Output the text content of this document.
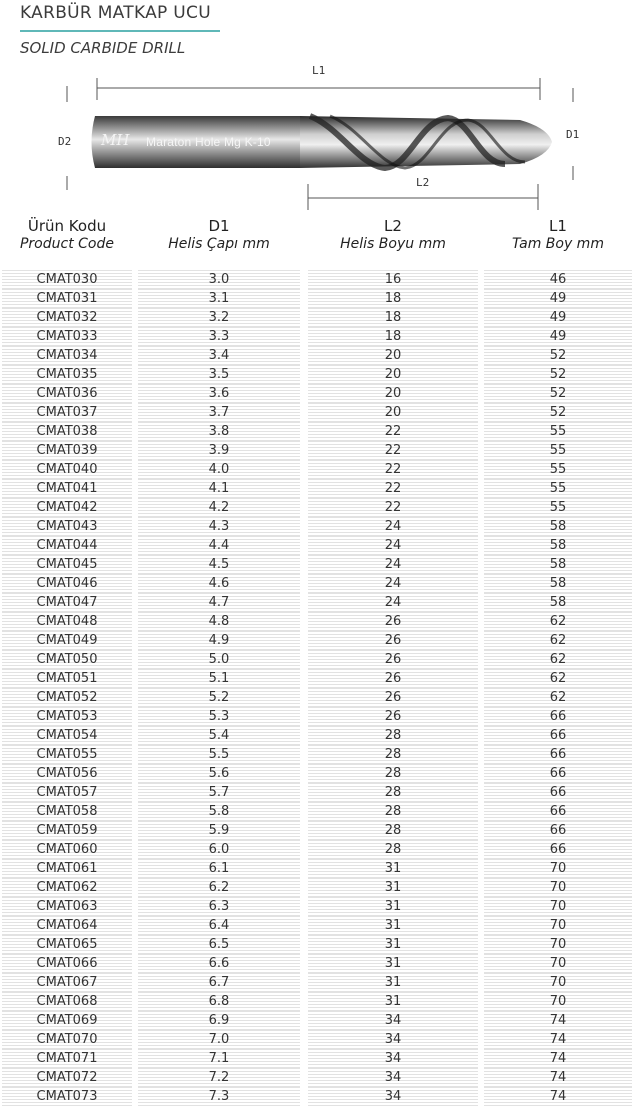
KARBÜR MATKAP UCU
SOLID CARBIDE DRILL
L1
L2
D2
D1
MH Maraton Hole Mg K-10
Ürün Kodu
Product Code
D1
Helis Çapı mm
L2
Helis Boyu mm
L1
Tam Boy mm
CMAT030	3.0	16	46
CMAT031	3.1	18	49
CMAT032	3.2	18	49
CMAT033	3.3	18	49
CMAT034	3.4	20	52
CMAT035	3.5	20	52
CMAT036	3.6	20	52
CMAT037	3.7	20	52
CMAT038	3.8	22	55
CMAT039	3.9	22	55
CMAT040	4.0	22	55
CMAT041	4.1	22	55
CMAT042	4.2	22	55
CMAT043	4.3	24	58
CMAT044	4.4	24	58
CMAT045	4.5	24	58
CMAT046	4.6	24	58
CMAT047	4.7	24	58
CMAT048	4.8	26	62
CMAT049	4.9	26	62
CMAT050	5.0	26	62
CMAT051	5.1	26	62
CMAT052	5.2	26	62
CMAT053	5.3	26	66
CMAT054	5.4	28	66
CMAT055	5.5	28	66
CMAT056	5.6	28	66
CMAT057	5.7	28	66
CMAT058	5.8	28	66
CMAT059	5.9	28	66
CMAT060	6.0	28	66
CMAT061	6.1	31	70
CMAT062	6.2	31	70
CMAT063	6.3	31	70
CMAT064	6.4	31	70
CMAT065	6.5	31	70
CMAT066	6.6	31	70
CMAT067	6.7	31	70
CMAT068	6.8	31	70
CMAT069	6.9	34	74
CMAT070	7.0	34	74
CMAT071	7.1	34	74
CMAT072	7.2	34	74
CMAT073	7.3	34	74
